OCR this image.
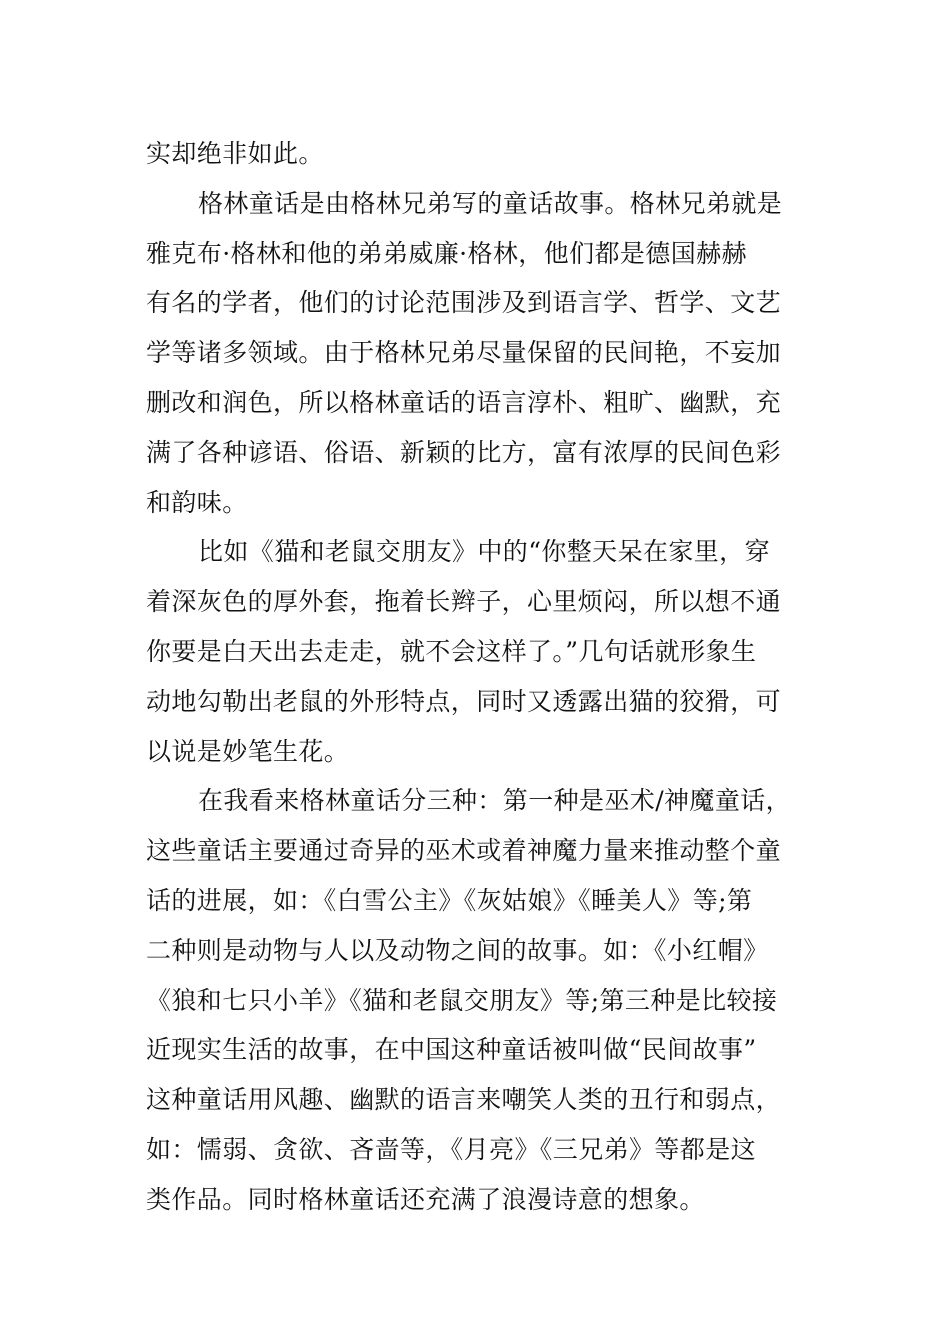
实却绝非如此。
格林童话是由格林兄弟写的童话故事。格林兄弟就是
雅克布·格林和他的弟弟威廉·格林，他们都是德国赫赫
有名的学者，他们的讨论范围涉及到语言学、哲学、文艺
学等诸多领域。由于格林兄弟尽量保留的民间艳，不妄加
删改和润色，所以格林童话的语言淳朴、粗旷、幽默，充
满了各种谚语、俗语、新颖的比方，富有浓厚的民间色彩
和韵味。
比如《猫和老鼠交朋友》中的“你整天呆在家里，穿
着深灰色的厚外套，拖着长辫子，心里烦闷，所以想不通
你要是白天出去走走，就不会这样了。”几句话就形象生
动地勾勒出老鼠的外形特点，同时又透露出猫的狡猾，可
以说是妙笔生花。
在我看来格林童话分三种：第一种是巫术/神魔童话，
这些童话主要通过奇异的巫术或着神魔力量来推动整个童
话的进展，如：《白雪公主》《灰姑娘》《睡美人》等;第
二种则是动物与人以及动物之间的故事。如：《小红帽》
《狼和七只小羊》《猫和老鼠交朋友》等;第三种是比较接
近现实生活的故事，在中国这种童话被叫做“民间故事”
这种童话用风趣、幽默的语言来嘲笑人类的丑行和弱点，
如：懦弱、贪欲、吝啬等，《月亮》《三兄弟》等都是这
类作品。同时格林童话还充满了浪漫诗意的想象。
